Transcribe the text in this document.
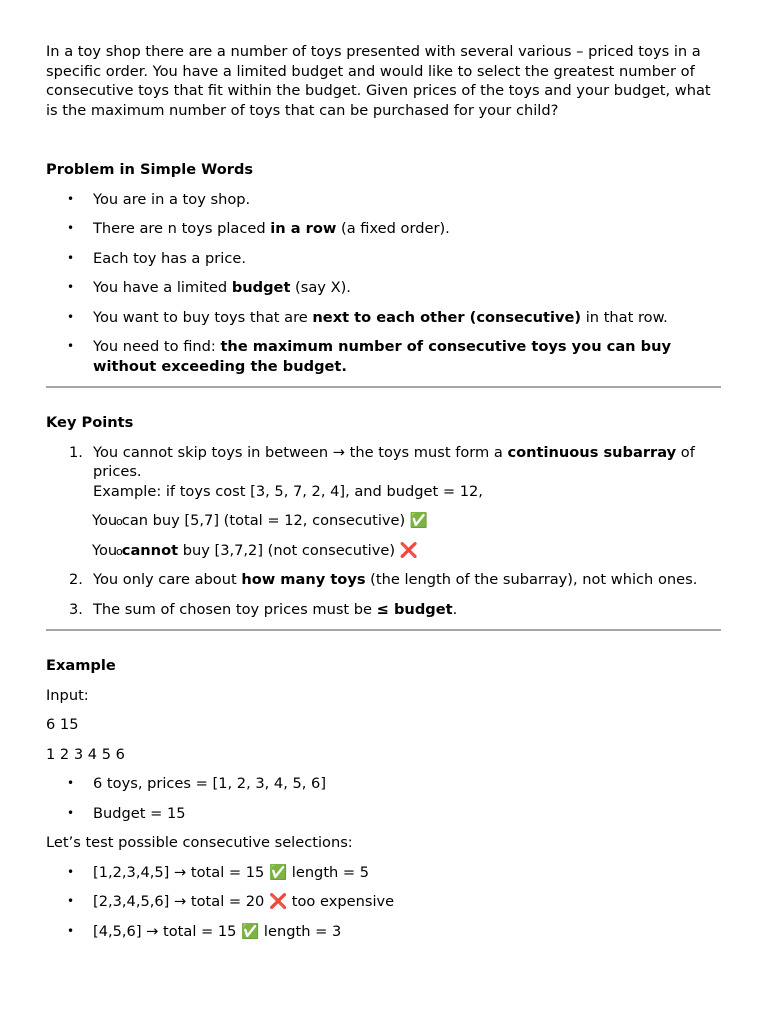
In a toy shop there are a number of toys presented with several various – priced toys in a specific order. You have a limited budget and would like to select the greatest number of consecutive toys that fit within the budget. Given prices of the toys and your budget, what is the maximum number of toys that can be purchased for your child?

Problem in Simple Words
• You are in a toy shop.
• There are n toys placed in a row (a fixed order).
• Each toy has a price.
• You have a limited budget (say X).
• You want to buy toys that are next to each other (consecutive) in that row.
• You need to find: the maximum number of consecutive toys you can buy without exceeding the budget.
Key Points
1. You cannot skip toys in between → the toys must form a continuous subarray of prices.
Example: if toys cost [3, 5, 7, 2, 4], and budget = 12,
o You can buy [5,7] (total = 12, consecutive) ✅
o You cannot buy [3,7,2] (not consecutive) ❌
2. You only care about how many toys (the length of the subarray), not which ones.
3. The sum of chosen toy prices must be ≤ budget.
Example

Input:

6 15

1 2 3 4 5 6

• 6 toys, prices = [1, 2, 3, 4, 5, 6]
• Budget = 15

Let’s test possible consecutive selections:

• [1,2,3,4,5] → total = 15 ✅ length = 5
• [2,3,4,5,6] → total = 20 ❌ too expensive
• [4,5,6] → total = 15 ✅ length = 3
